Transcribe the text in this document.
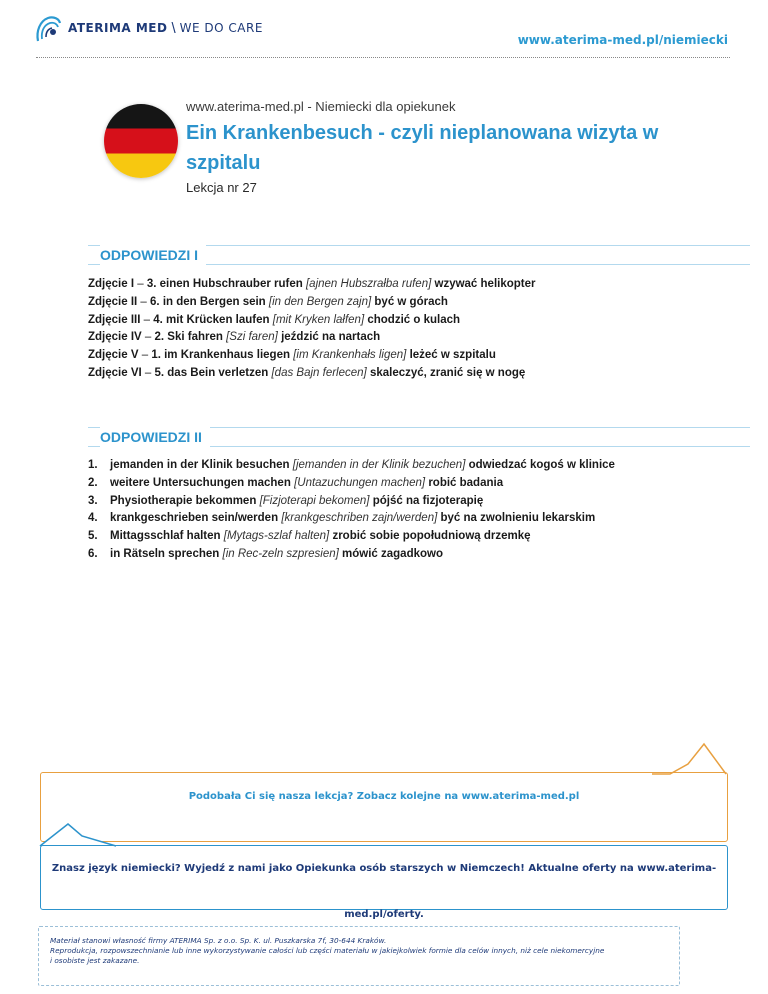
ATERIMA MED \ WE DO CARE
www.aterima-med.pl/niemiecki
www.aterima-med.pl - Niemiecki dla opiekunek
Ein Krankenbesuch - czyli nieplanowana wizyta w szpitalu
Lekcja nr 27
ODPOWIEDZI I
Zdjęcie I – 3. einen Hubschrauber rufen [ajnen Hubszrałba rufen] wzywać helikopter
Zdjęcie II – 6. in den Bergen sein [in den Bergen zajn] być w górach
Zdjęcie III – 4. mit Krücken laufen [mit Kryken lałfen] chodzić o kulach
Zdjęcie IV – 2. Ski fahren [Szi faren] jeździć na nartach
Zdjęcie V – 1. im Krankenhaus liegen [im Krankenhałs ligen] leżeć w szpitalu
Zdjęcie VI – 5. das Bein verletzen [das Bajn ferlecen] skaleczyć, zranić się w nogę
ODPOWIEDZI II
1. jemanden in der Klinik besuchen [jemanden in der Klinik bezuchen] odwiedzać kogoś w klinice
2. weitere Untersuchungen machen [Untazuchungen machen] robić badania
3. Physiotherapie bekommen [Fizjoterapi bekomen] pójść na fizjoterapię
4. krankgeschrieben sein/werden [krankgeschriben zajn/werden] być na zwolnieniu lekarskim
5. Mittagsschlaf halten [Mytags-szlaf halten] zrobić sobie popołudniową drzemkę
6. in Rätseln sprechen [in Rec-zeln szpresien] mówić zagadkowo
Podobała Ci się nasza lekcja? Zobacz kolejne na www.aterima-med.pl
Znasz język niemiecki? Wyjedź z nami jako Opiekunka osób starszych w Niemczech! Aktualne oferty na www.aterima-med.pl/oferty.
Materiał stanowi własność firmy ATERIMA Sp. z o.o. Sp. K. ul. Puszkarska 7f, 30-644 Kraków.
Reprodukcja, rozpowszechnianie lub inne wykorzystywanie całości lub części materiału w jakiejkolwiek formie dla celów innych, niż cele niekomercyjne
i osobiste jest zakazane.
